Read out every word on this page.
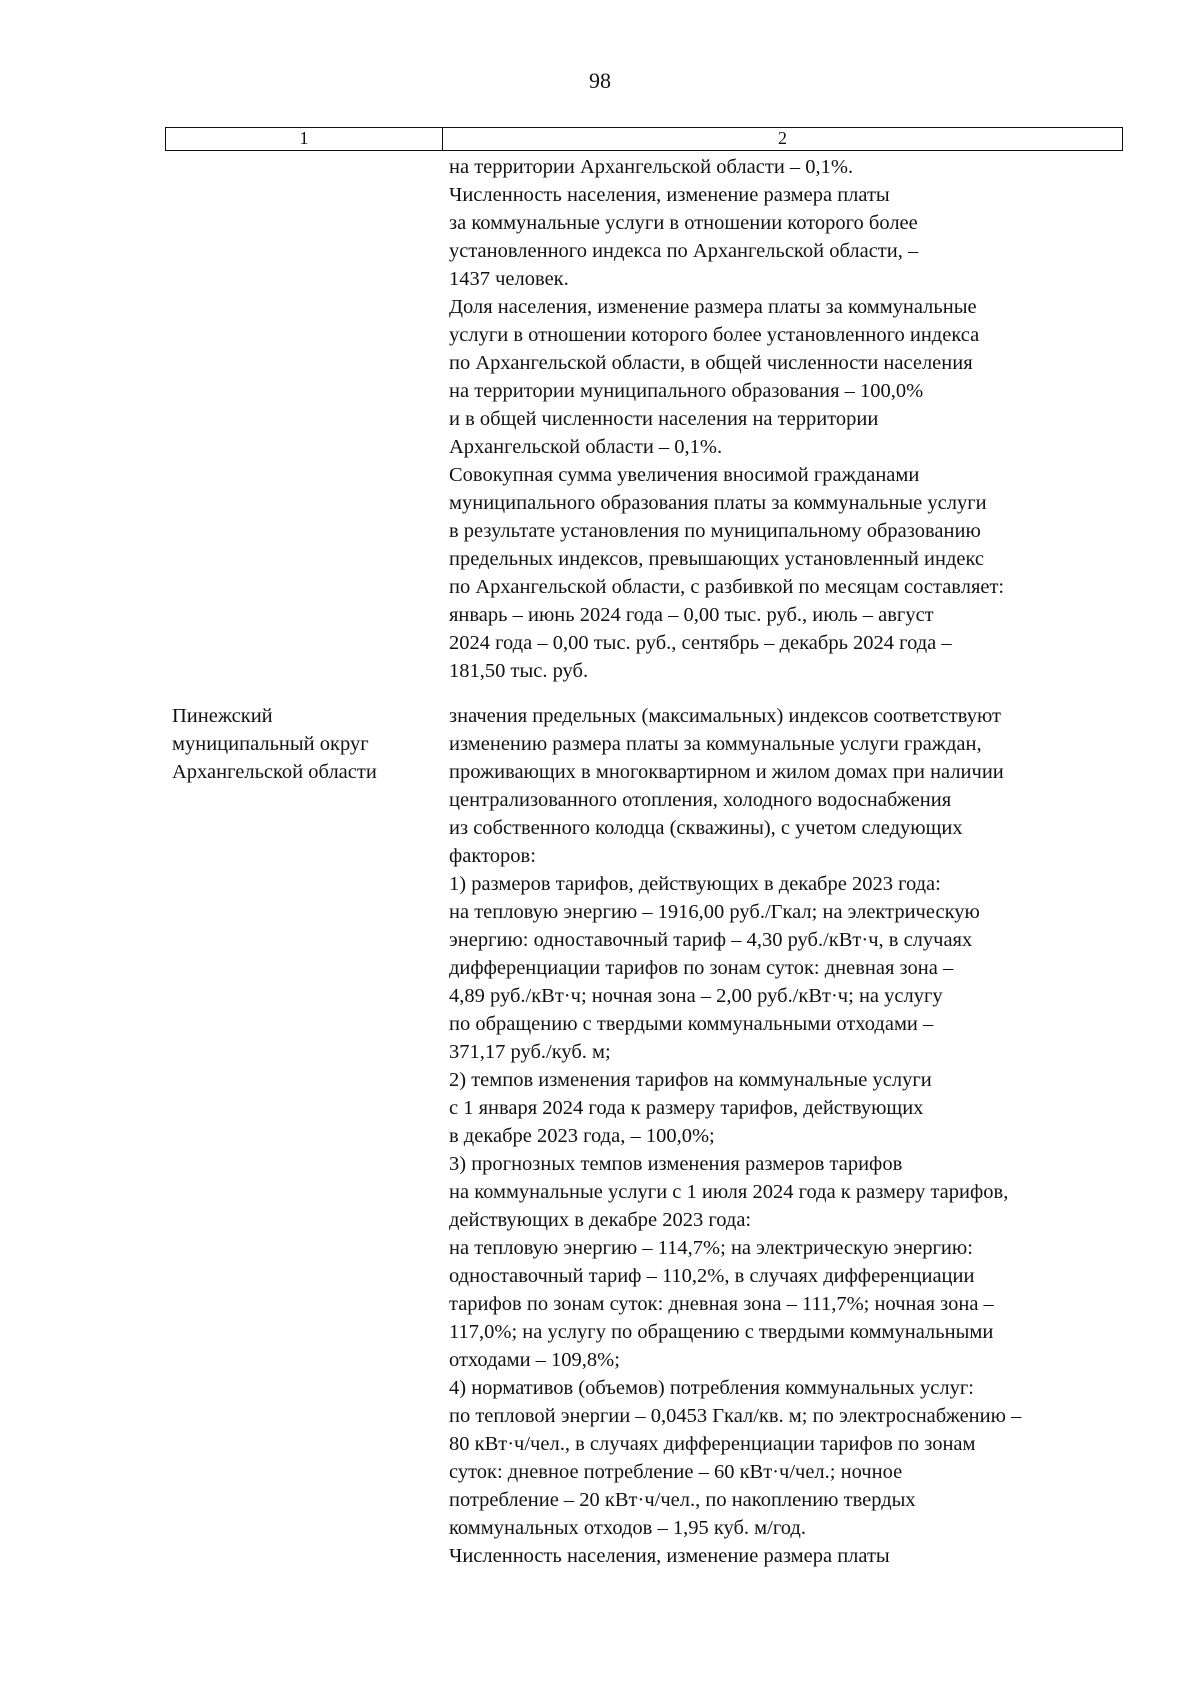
98
1	2
на территории Архангельской области – 0,1%.
Численность населения, изменение размера платы
за коммунальные услуги в отношении которого более
установленного индекса по Архангельской области, –
1437 человек.
Доля населения, изменение размера платы за коммунальные
услуги в отношении которого более установленного индекса
по Архангельской области, в общей численности населения
на территории муниципального образования – 100,0%
и в общей численности населения на территории
Архангельской области – 0,1%.
Совокупная сумма увеличения вносимой гражданами
муниципального образования платы за коммунальные услуги
в результате установления по муниципальному образованию
предельных индексов, превышающих установленный индекс
по Архангельской области, с разбивкой по месяцам составляет:
январь – июнь 2024 года – 0,00 тыс. руб., июль – август
2024 года – 0,00 тыс. руб., сентябрь – декабрь 2024 года –
181,50 тыс. руб.
Пинежский
муниципальный округ
Архангельской области
значения предельных (максимальных) индексов соответствуют
изменению размера платы за коммунальные услуги граждан,
проживающих в многоквартирном и жилом домах при наличии
централизованного отопления, холодного водоснабжения
из собственного колодца (скважины), с учетом следующих
факторов:
1) размеров тарифов, действующих в декабре 2023 года:
на тепловую энергию – 1916,00 руб./Гкал; на электрическую
энергию: одноставочный тариф – 4,30 руб./кВт·ч, в случаях
дифференциации тарифов по зонам суток: дневная зона –
4,89 руб./кВт·ч; ночная зона – 2,00 руб./кВт·ч; на услугу
по обращению с твердыми коммунальными отходами –
371,17 руб./куб. м;
2) темпов изменения тарифов на коммунальные услуги
с 1 января 2024 года к размеру тарифов, действующих
в декабре 2023 года, – 100,0%;
3) прогнозных темпов изменения размеров тарифов
на коммунальные услуги с 1 июля 2024 года к размеру тарифов,
действующих в декабре 2023 года:
на тепловую энергию – 114,7%; на электрическую энергию:
одноставочный тариф – 110,2%, в случаях дифференциации
тарифов по зонам суток: дневная зона – 111,7%; ночная зона –
117,0%; на услугу по обращению с твердыми коммунальными
отходами – 109,8%;
4) нормативов (объемов) потребления коммунальных услуг:
по тепловой энергии – 0,0453 Гкал/кв. м; по электроснабжению –
80 кВт·ч/чел., в случаях дифференциации тарифов по зонам
суток: дневное потребление – 60 кВт·ч/чел.; ночное
потребление – 20 кВт·ч/чел., по накоплению твердых
коммунальных отходов – 1,95 куб. м/год.
Численность населения, изменение размера платы
